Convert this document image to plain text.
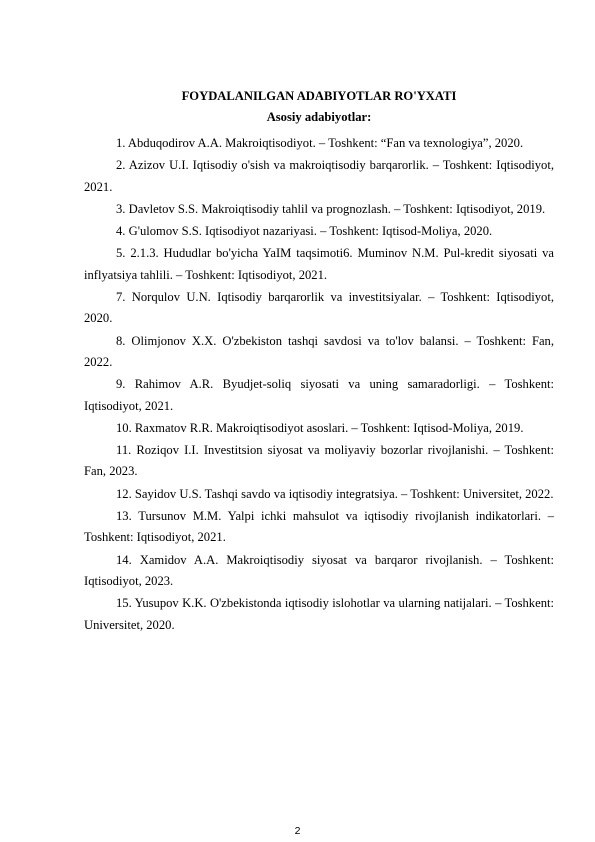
FOYDALANILGAN ADABIYOTLAR RO'YXATI
Asosiy adabiyotlar:

1. Abduqodirov A.A. Makroiqtisodiyot. – Toshkent: “Fan va texnologiya”, 2020.

2. Azizov U.I. Iqtisodiy o'sish va makroiqtisodiy barqarorlik. – Toshkent: Iqtisodiyot, 2021.

3. Davletov S.S. Makroiqtisodiy tahlil va prognozlash. – Toshkent: Iqtisodiyot, 2019.

4. G'ulomov S.S. Iqtisodiyot nazariyasi. – Toshkent: Iqtisod-Moliya, 2020.

5. 2.1.3. Hududlar bo'yicha YaIM taqsimoti6. Muminov N.M. Pul-kredit siyosati va inflyatsiya tahlili. – Toshkent: Iqtisodiyot, 2021.

7. Norqulov U.N. Iqtisodiy barqarorlik va investitsiyalar. – Toshkent: Iqtisodiyot, 2020.

8. Olimjonov X.X. O'zbekiston tashqi savdosi va to'lov balansi. – Toshkent: Fan, 2022.

9. Rahimov A.R. Byudjet-soliq siyosati va uning samaradorligi. – Toshkent: Iqtisodiyot, 2021.

10. Raxmatov R.R. Makroiqtisodiyot asoslari. – Toshkent: Iqtisod-Moliya, 2019.

11. Roziqov I.I. Investitsion siyosat va moliyaviy bozorlar rivojlanishi. – Toshkent: Fan, 2023.

12. Sayidov U.S. Tashqi savdo va iqtisodiy integratsiya. – Toshkent: Universitet, 2022.

13. Tursunov M.M. Yalpi ichki mahsulot va iqtisodiy rivojlanish indikatorlari. – Toshkent: Iqtisodiyot, 2021.

14. Xamidov A.A. Makroiqtisodiy siyosat va barqaror rivojlanish. – Toshkent: Iqtisodiyot, 2023.

15. Yusupov K.K. O'zbekistonda iqtisodiy islohotlar va ularning natijalari. – Toshkent: Universitet, 2020.

2
